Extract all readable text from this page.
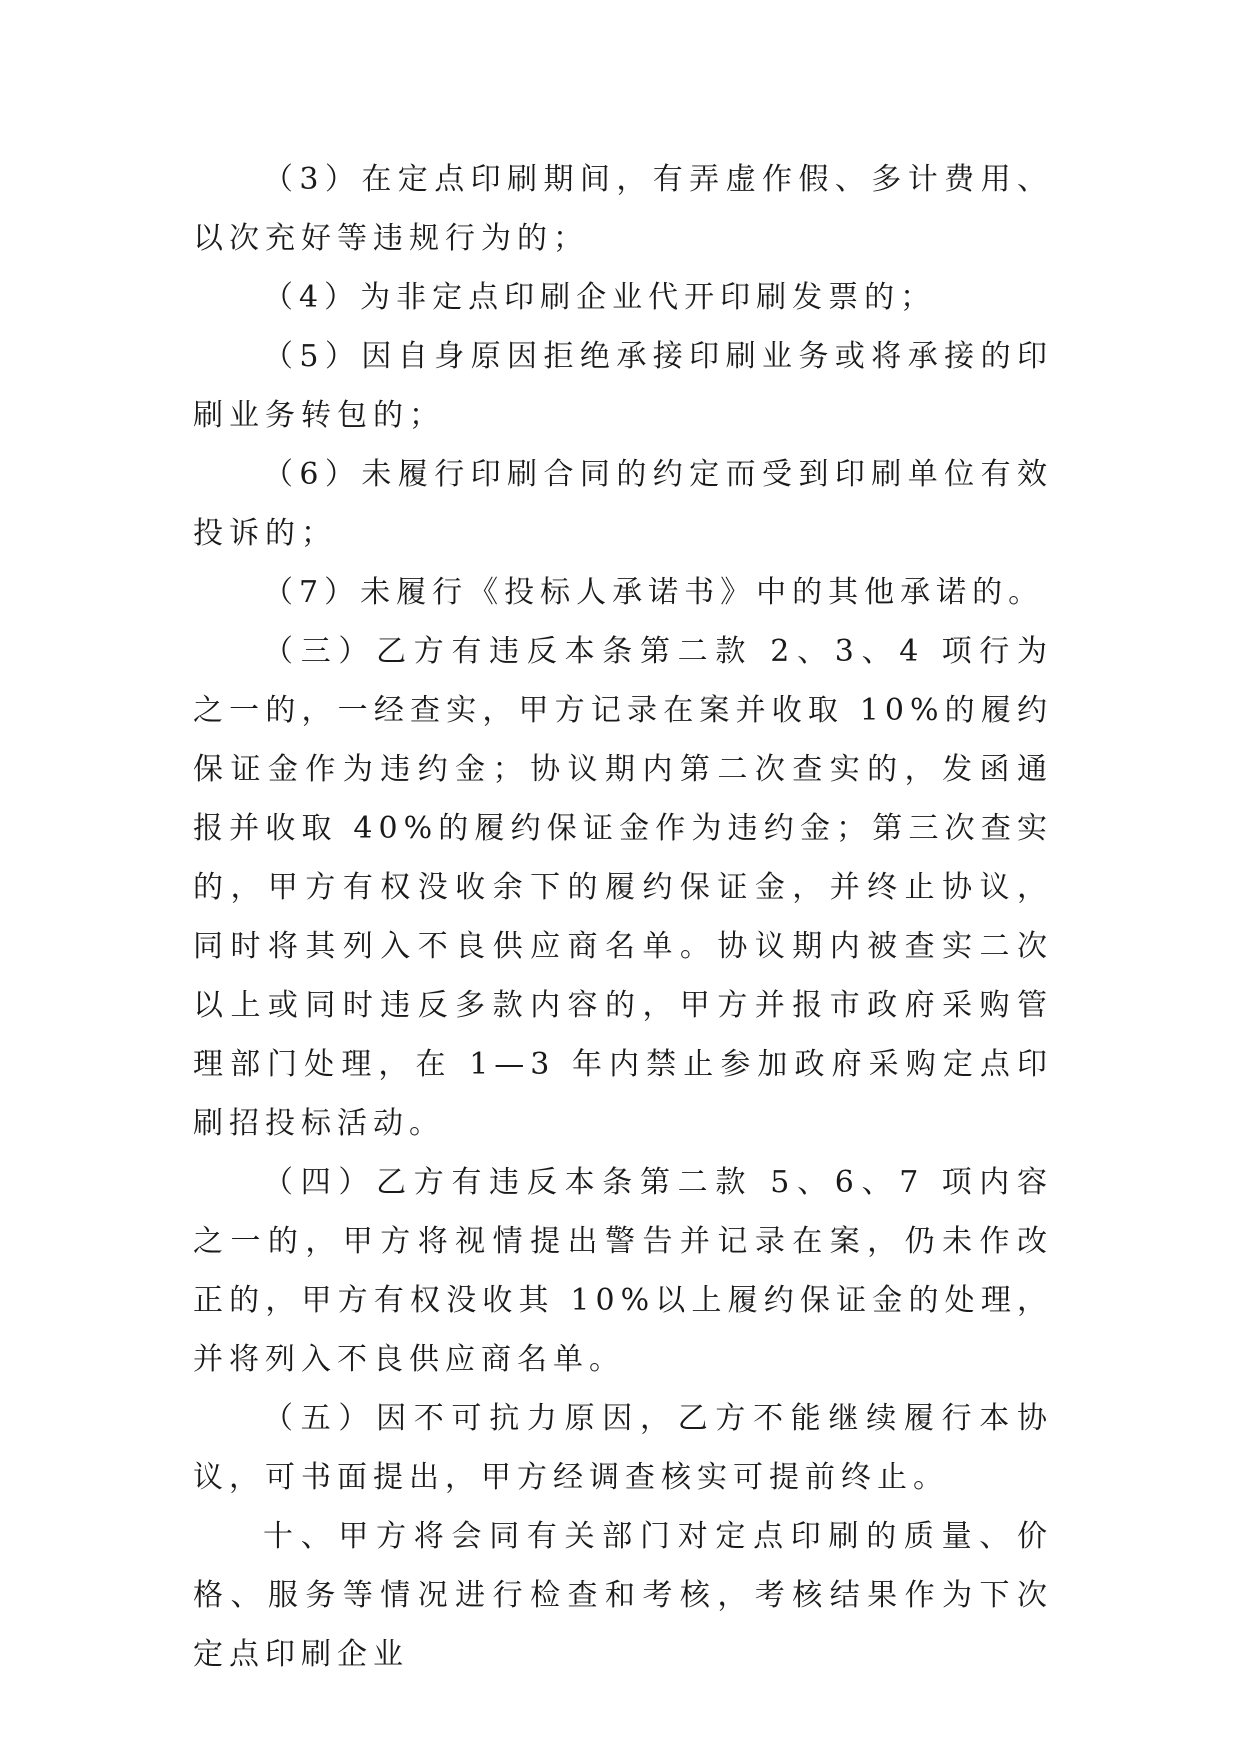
（3）在定点印刷期间，有弄虚作假、多计费用、以次充好等违规行为的；

（4）为非定点印刷企业代开印刷发票的；

（5）因自身原因拒绝承接印刷业务或将承接的印刷业务转包的；

（6）未履行印刷合同的约定而受到印刷单位有效投诉的；

（7）未履行《投标人承诺书》中的其他承诺的。

（三）乙方有违反本条第二款 2、3、4 项行为之一的，一经查实，甲方记录在案并收取 10%的履约保证金作为违约金；协议期内第二次查实的，发函通报并收取 40%的履约保证金作为违约金；第三次查实的，甲方有权没收余下的履约保证金，并终止协议，同时将其列入不良供应商名单。协议期内被查实二次以上或同时违反多款内容的，甲方并报市政府采购管理部门处理，在 1—3 年内禁止参加政府采购定点印刷招投标活动。

（四）乙方有违反本条第二款 5、6、7 项内容之一的，甲方将视情提出警告并记录在案，仍未作改正的，甲方有权没收其 10%以上履约保证金的处理，并将列入不良供应商名单。

（五）因不可抗力原因，乙方不能继续履行本协议，可书面提出，甲方经调查核实可提前终止。

十、甲方将会同有关部门对定点印刷的质量、价格、服务等情况进行检查和考核，考核结果作为下次定点印刷企业
